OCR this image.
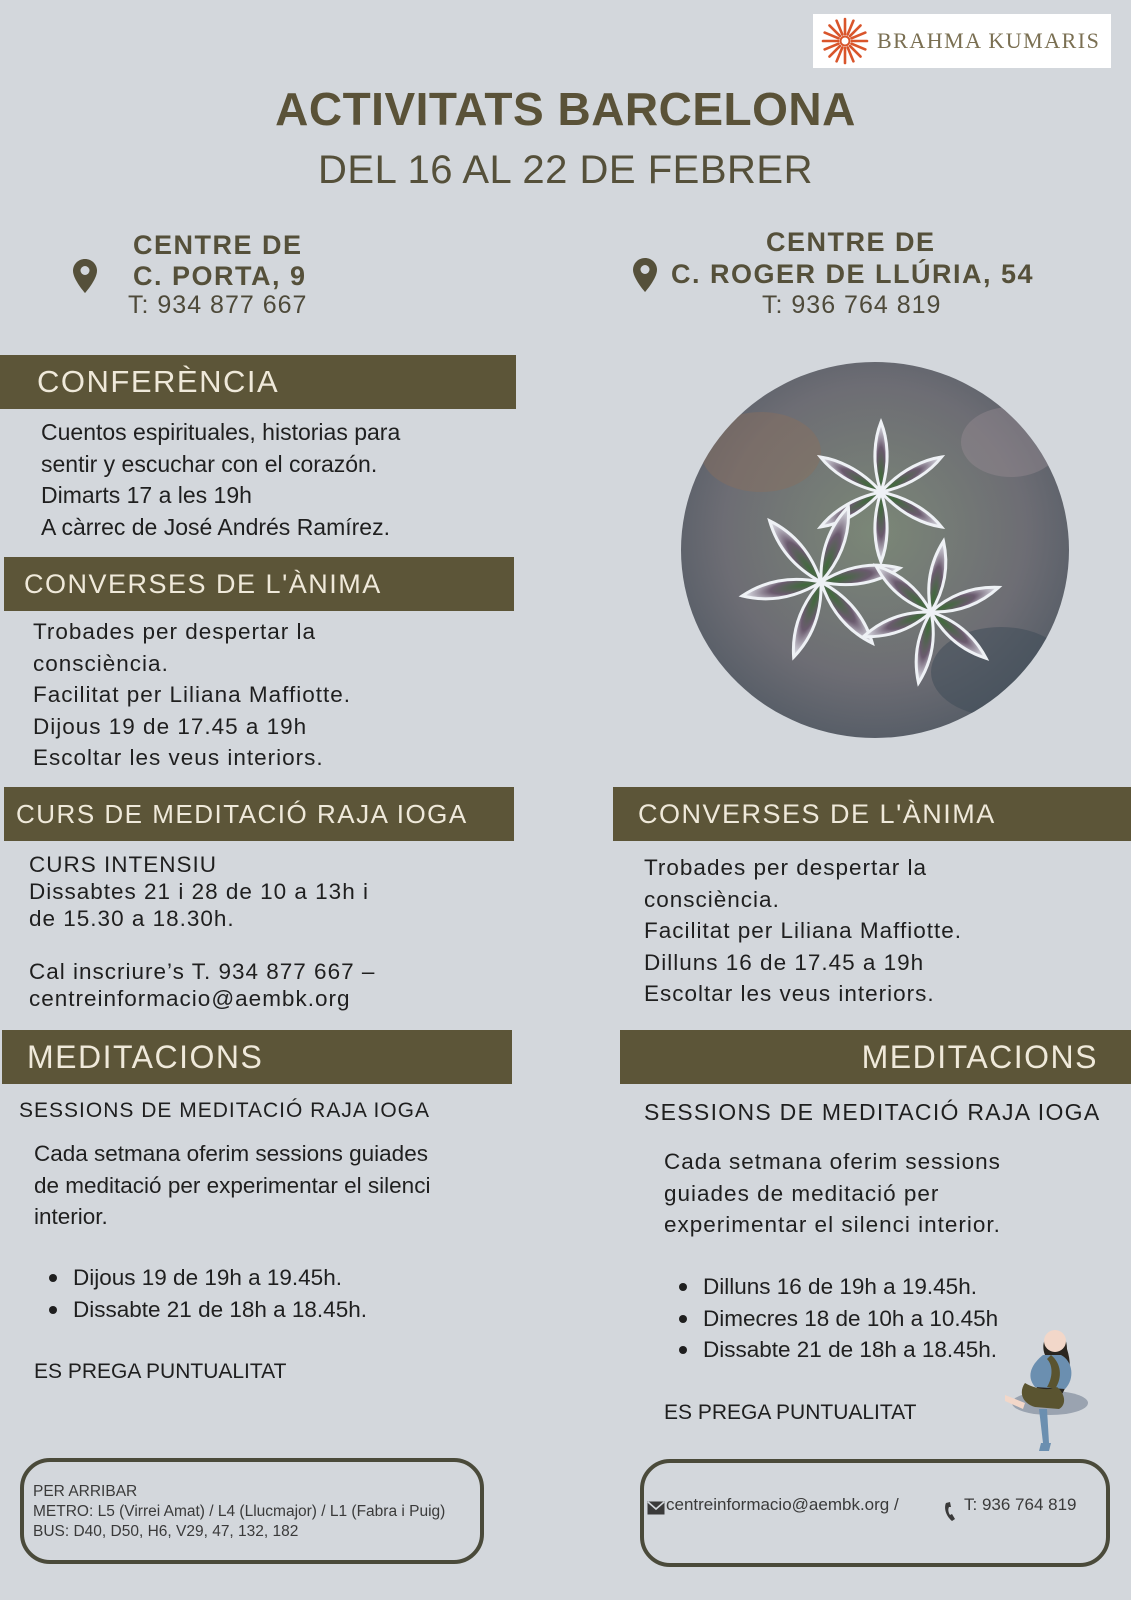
BRAHMA KUMARIS
ACTIVITATS BARCELONA
DEL 16 AL 22 DE FEBRER
CENTRE DE
C. PORTA, 9
T: 934 877 667
CENTRE DE
C. ROGER DE LLÚRIA, 54
T: 936 764 819
CONFERÈNCIA
Cuentos espirituales, historias para
sentir y escuchar con el corazón.
Dimarts 17 a les 19h
A càrrec de José Andrés Ramírez.
CONVERSES DE L'ÀNIMA
Trobades per despertar la
consciència.
Facilitat per Liliana Maffiotte.
Dijous 19 de 17.45 a 19h
Escoltar les veus interiors.
CURS DE MEDITACIÓ RAJA IOGA
CURS INTENSIU
Dissabtes 21 i 28 de 10 a 13h i
de 15.30 a 18.30h.
Cal inscriure’s T. 934 877 667 –
centreinformacio@aembk.org
MEDITACIONS
SESSIONS DE MEDITACIÓ RAJA IOGA
Cada setmana oferim sessions guiades
de meditació per experimentar el silenci
interior.
Dijous 19 de 19h a 19.45h.
Dissabte 21 de 18h a 18.45h.
ES PREGA PUNTUALITAT
PER ARRIBAR
METRO: L5 (Virrei Amat) / L4 (Llucmajor) / L1 (Fabra i Puig)
BUS: D40, D50, H6, V29, 47, 132, 182
CONVERSES DE L'ÀNIMA
Trobades per despertar la
consciència.
Facilitat per Liliana Maffiotte.
Dilluns 16 de 17.45 a 19h
Escoltar les veus interiors.
MEDITACIONS
SESSIONS DE MEDITACIÓ RAJA IOGA
Cada setmana oferim sessions
guiades de meditació per
experimentar el silenci interior.
Dilluns 16 de 19h a 19.45h.
Dimecres 18 de 10h a 10.45h
Dissabte 21 de 18h a 18.45h.
ES PREGA PUNTUALITAT
centreinformacio@aembk.org /	T: 936 764 819
